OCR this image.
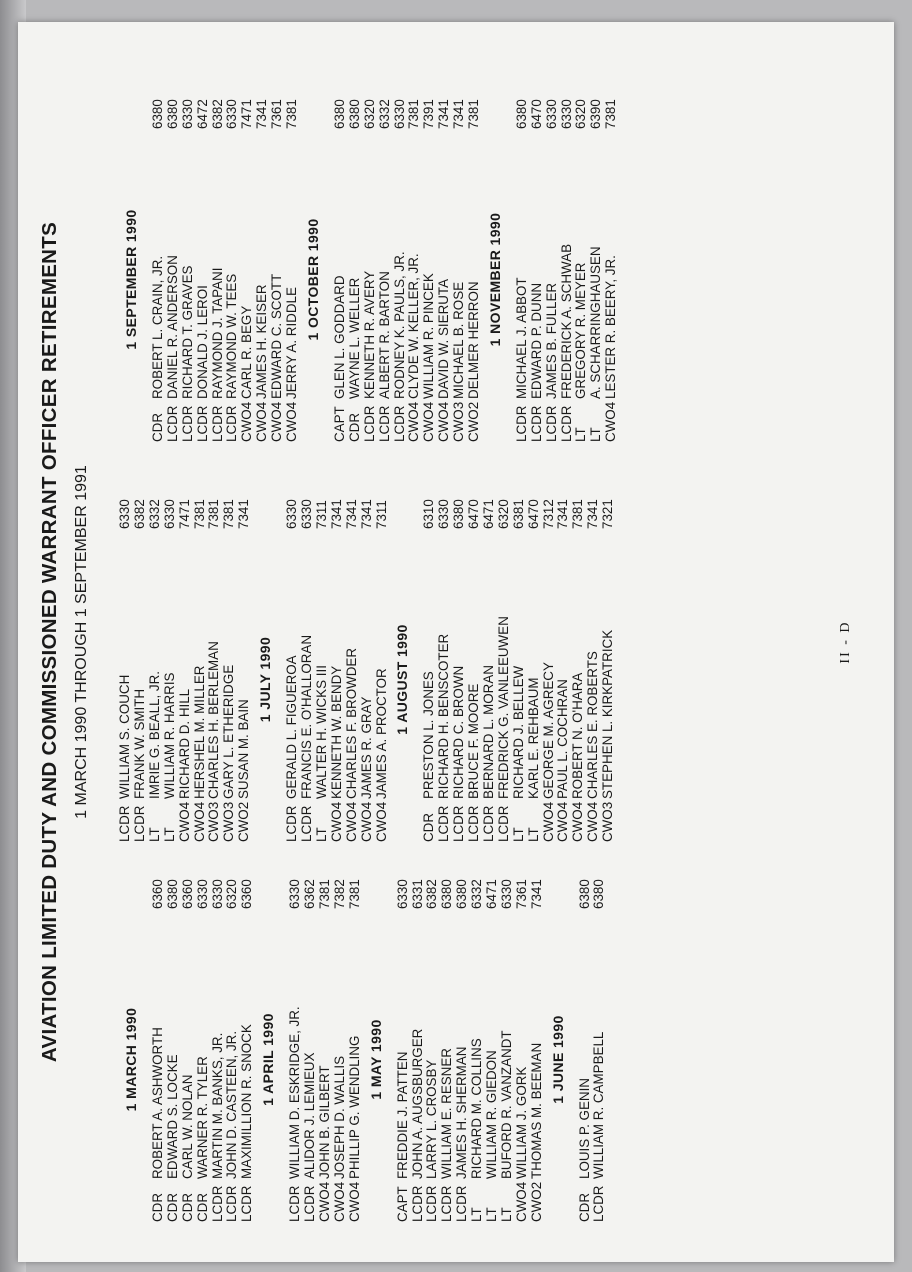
AVIATION LIMITED DUTY AND COMMISSIONED WARRANT OFFICER RETIREMENTS 1 MARCH 1990 THROUGH 1 SEPTEMBER 1991

1 MARCH 1990
CDR
ROBERT A. ASHWORTH
6360
CDR
EDWARD S. LOCKE
6380
CDR
CARL W. NOLAN
6360
CDR
WARNER R. TYLER
6330
LCDR
MARTIN M. BANKS, JR.
6330
LCDR
JOHN D. CASTEEN, JR.
6320
LCDR
MAXIMILLION R. SNOCK
6360
1 APRIL 1990
LCDR
WILLIAM D. ESKRIDGE, JR.
6330
LCDR
ALIDOR J. LEMIEUX
6362
CWO4
JOHN B. GILBERT
7381
CWO4
JOSEPH D. WALLIS
7382
CWO4
PHILLIP G. WENDLING
7381
1 MAY 1990
CAPT
FREDDIE J. PATTEN
6330
LCDR
JOHN A. AUGSBURGER
6331
LCDR
LARRY L. CROSBY
6382
LCDR
WILLIAM E. RESNER
6380
LCDR
JAMES H. SHERMAN
6380
LT
RICHARD M. COLLINS
6332
LT
WILLIAM R. GIEDON
6471
LT
BUFORD R. VANZANDT
6330
CWO4
WILLIAM J. GORK
7361
CWO2
THOMAS M. BEEMAN
7341
1 JUNE 1990
CDR
LOUIS P. GENIN
6380
LCDR
WILLIAM R. CAMPBELL
6380
LCDR
WILLIAM S. COUCH
6330
LCDR
FRANK W. SMITH
6382
LT
IMRIE G. BEALL, JR.
6332
LT
WILLIAM R. HARRIS
6330
CWO4
RICHARD D. HILL
7471
CWO4
HERSHEL M. MILLER
7381
CWO3
CHARLES H. BERLEMAN
7381
CWO3
GARY L. ETHERIDGE
7381
CWO2
SUSAN M. BAIN
7341
1 JULY 1990
LCDR
GERALD L. FIGUEROA
6330
LCDR
FRANCIS E. O'HALLORAN
6330
LT
WALTER H. WICKS III
7311
CWO4
KENNETH W. BENDY
7341
CWO4
CHARLES F. BROWDER
7341
CWO4
JAMES R. GRAY
7341
CWO4
JAMES A. PROCTOR
7311
1 AUGUST 1990
CDR
PRESTON L. JONES
6310
LCDR
RICHARD H. BENSCOTER
6330
LCDR
RICHARD C. BROWN
6380
LCDR
BRUCE F. MOORE
6470
LCDR
BERNARD L. MORAN
6471
LCDR
FREDRICK G. VANLEEUWEN
6320
LT
RICHARD J. BELLEW
6381
LT
KARL E. REHBAUM
6470
CWO4
GEORGE M. AGRECY
7312
CWO4
PAUL L. COCHRAN
7341
CWO4
ROBERT N. O'HARA
7381
CWO4
CHARLES E. ROBERTS
7341
CWO3
STEPHEN L. KIRKPATRICK
7321
1 SEPTEMBER 1990
CDR
ROBERT L. CRAIN, JR.
6380
LCDR
DANIEL R. ANDERSON
6380
LCDR
RICHARD T. GRAVES
6330
LCDR
DONALD J. LEROI
6472
LCDR
RAYMOND J. TAPANI
6382
LCDR
RAYMOND W. TEES
6330
CWO4
CARL R. BEGY
7471
CWO4
JAMES H. KEISER
7341
CWO4
EDWARD C. SCOTT
7361
CWO4
JERRY A. RIDDLE
7381
1 OCTOBER 1990
CAPT
GLEN L. GODDARD
6380
CDR
WAYNE L. WELLER
6380
LCDR
KENNETH R. AVERY
6320
LCDR
ALBERT R. BARTON
6332
LCDR
RODNEY K. PAULS, JR.
6330
CWO4
CLYDE W. KELLER, JR.
7381
CWO4
WILLIAM R. PINCEK
7391
CWO4
DAVID W. SIERUTA
7341
CWO3
MICHAEL B. ROSE
7341
CWO2
DELMER HERRON
7381
1 NOVEMBER 1990
LCDR
MICHAEL J. ABBOT
6380
LCDR
EDWARD P. DUNN
6470
LCDR
JAMES B. FULLER
6330
LCDR
FREDERICK A. SCHWAB
6330
LT
GREGORY R. MEYER
6320
LT
A. SCHARRINGHAUSEN
6390
CWO4
LESTER R. BEERY, JR.
7381
II - D
